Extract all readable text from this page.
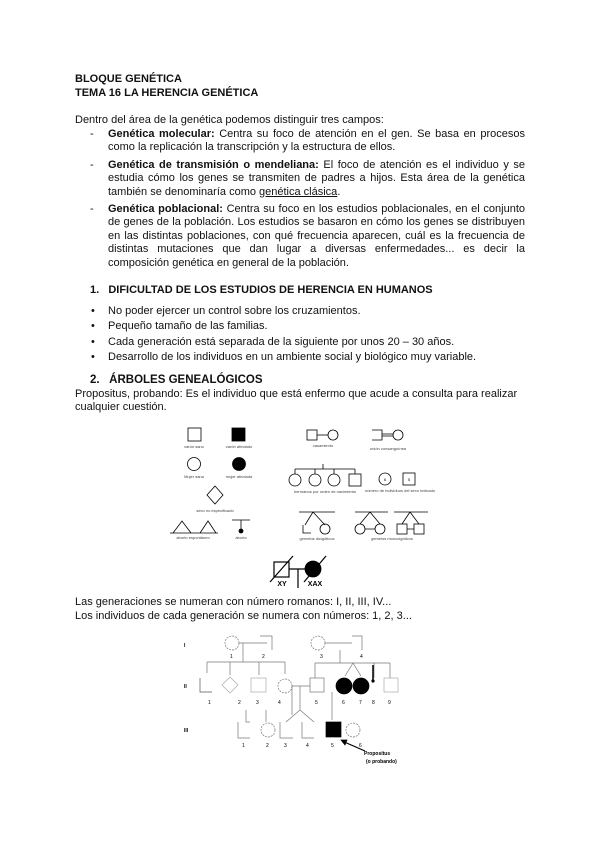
BLOQUE GENÉTICA
TEMA 16 LA HERENCIA GENÉTICA
Dentro del área de la genética podemos distinguir tres campos:
- Genética molecular: Centra su foco de atención en el gen. Se basa en procesos como la replicación la transcripción y la estructura de ellos.
- Genética de transmisión o mendeliana: El foco de atención es el individuo y se estudia cómo los genes se transmiten de padres a hijos. Esta área de la genética también se denominaría como genética clásica.
- Genética poblacional: Centra su foco en los estudios poblacionales, en el conjunto de genes de la población. Los estudios se basaron en cómo los genes se distribuyen en las distintas poblaciones, con qué frecuencia aparecen, cuál es la frecuencia de distintas mutaciones que dan lugar a diversas enfermedades... es decir la composición genética en general de la población.
1.   DIFICULTAD DE LOS ESTUDIOS DE HERENCIA EN HUMANOS
• No poder ejercer un control sobre los cruzamientos.
• Pequeño tamaño de las familias.
• Cada generación está separada de la siguiente por unos 20 – 30 años.
• Desarrollo de los individuos en un ambiente social y biológico muy variable.
2.   ÁRBOLES GENEALÓGICOS
Propositus, probando: Es el individuo que está enfermo que acude a consulta para realizar cualquier cuestión.
varón sano	varón afectado
Mujer sana	mujer afectada
sexo no especificado
aborto espontáneo	aborto
casamiento
unión consanguínea
hermanos por orden de nacimiento
6	5
número de individuos del sexo indicado
gemelos dicigóticos	gemelos monocigóticos
XY	XAX
Las generaciones se numeran con número romanos: I, II, III, IV...
Los individuos de cada generación se numera con números: 1, 2, 3...
I
II
III
1	2	3	4	5	6	7 8	9
1	2	3	4
1	2	3	4	5	6
Propositus
(o probando)
